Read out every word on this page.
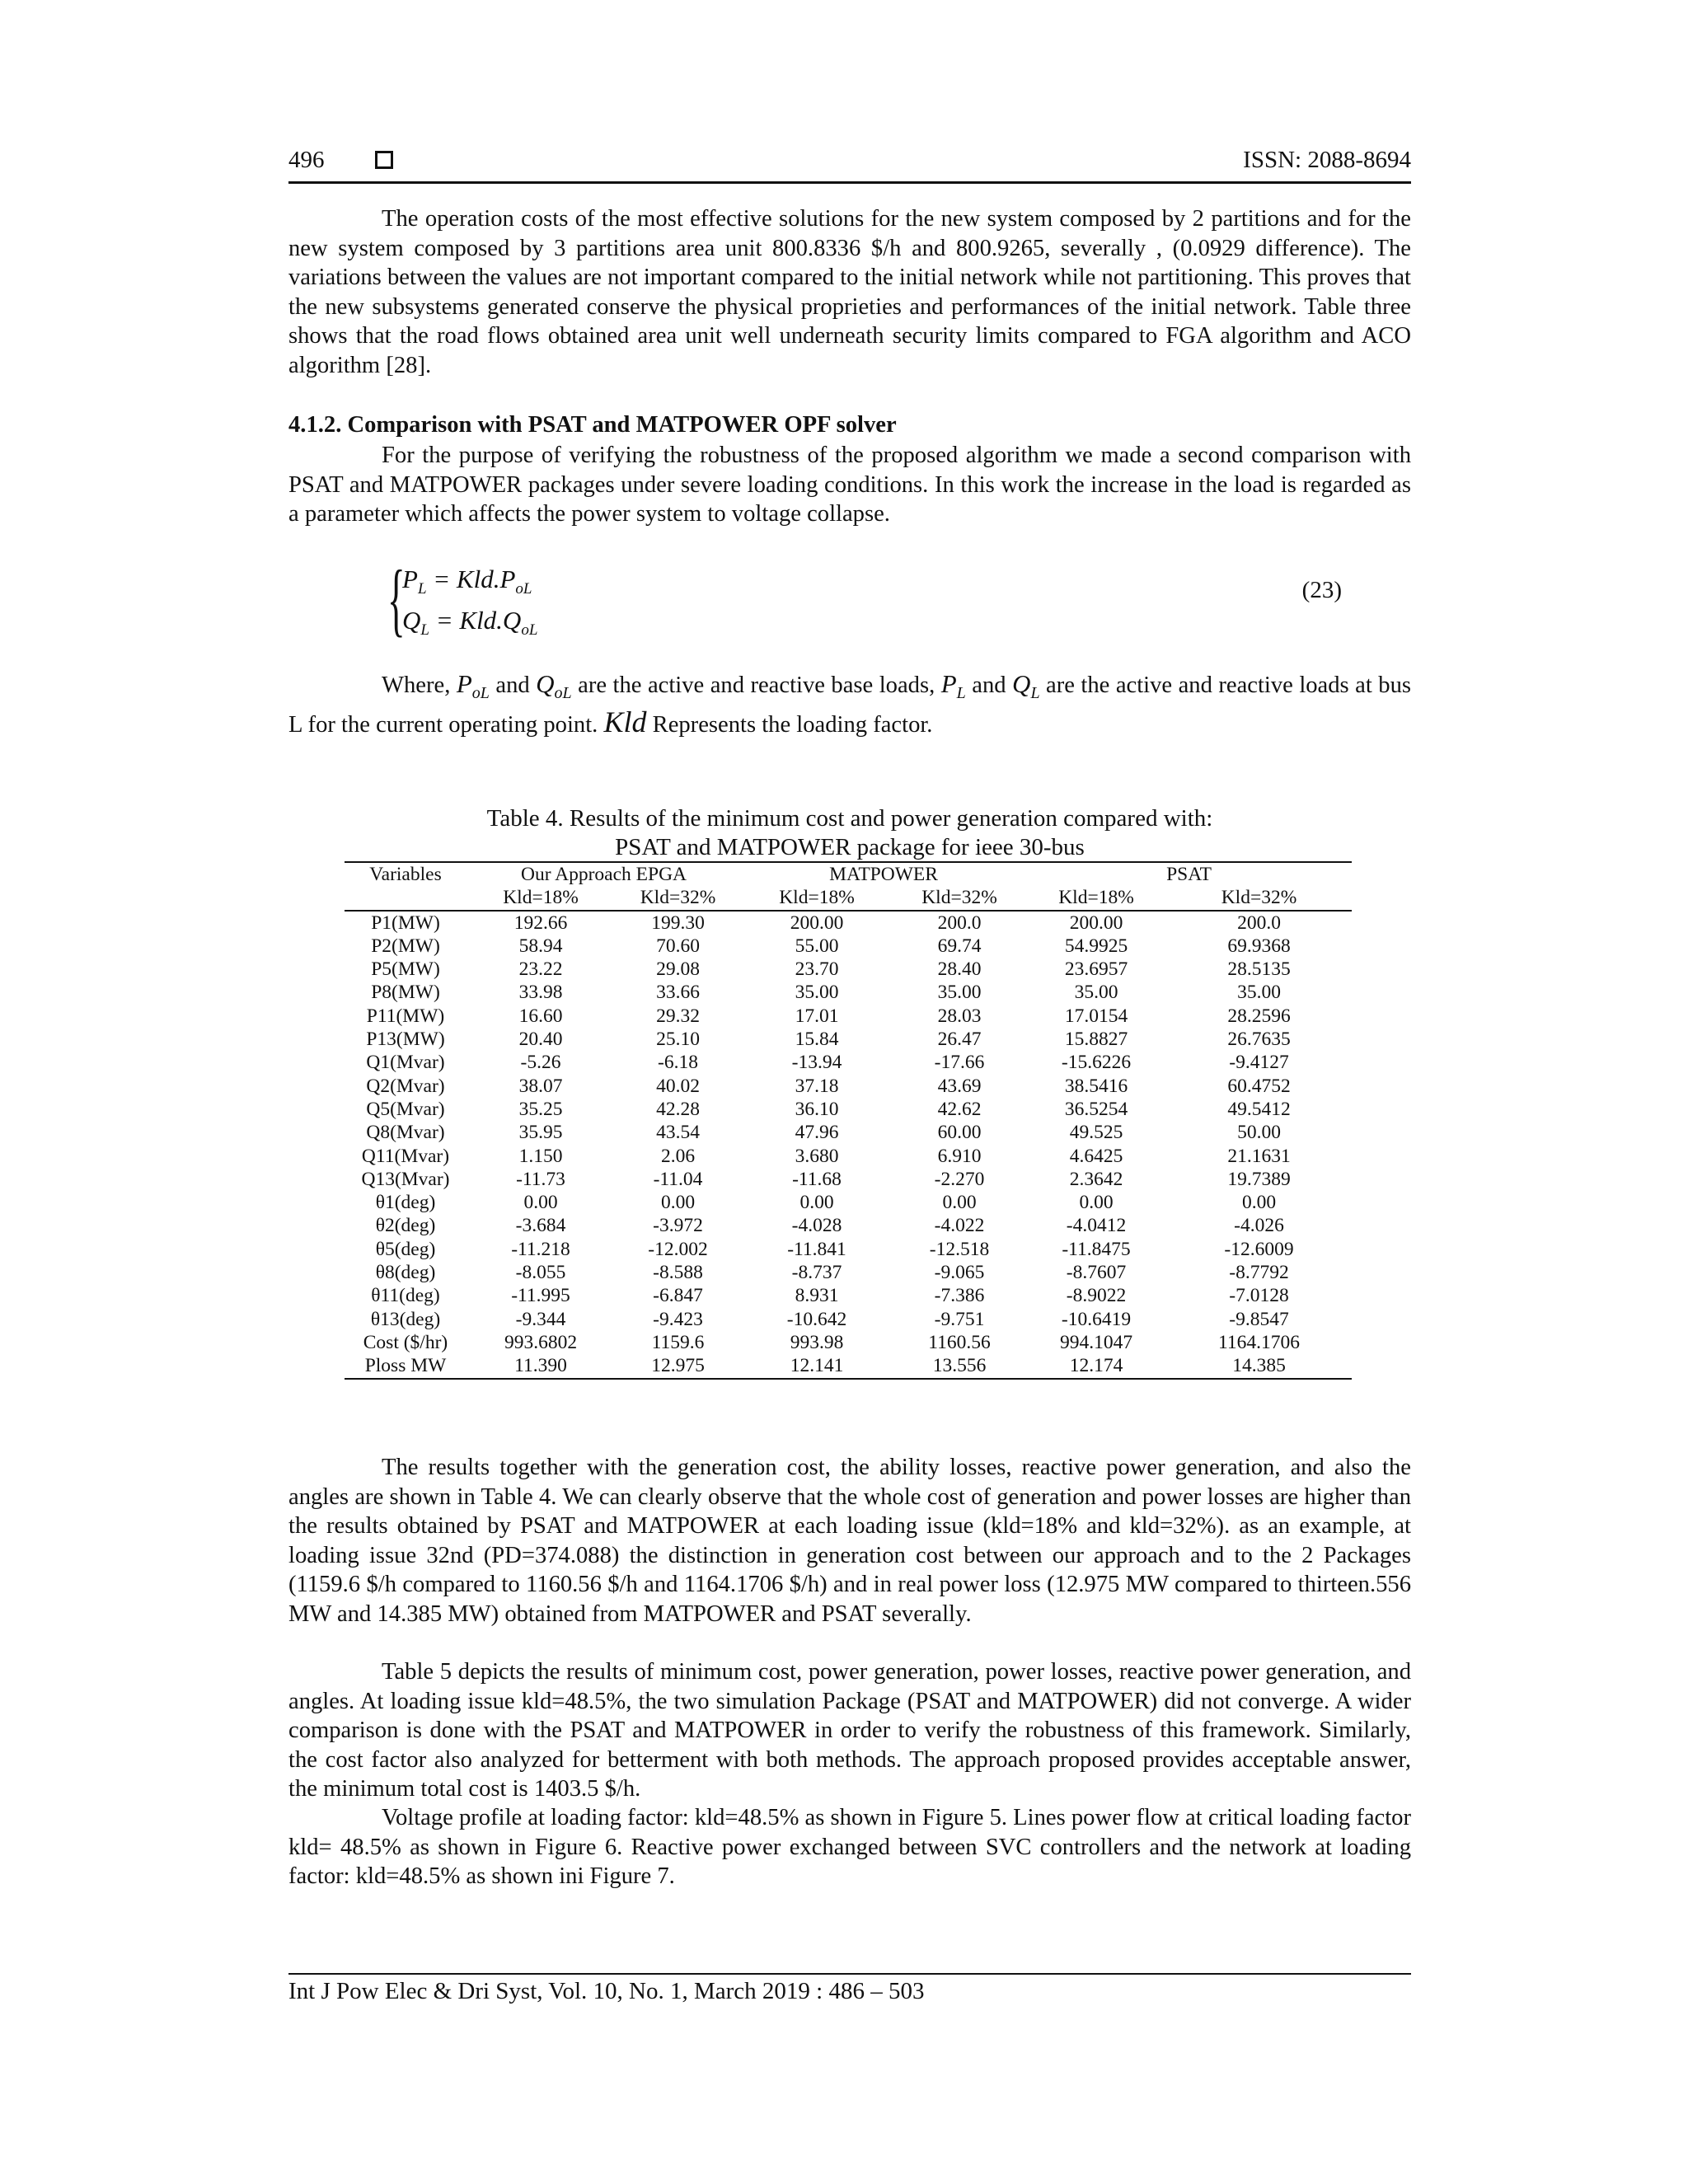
496	ISSN: 2088-8694

The operation costs of the most effective solutions for the new system composed by 2 partitions and for the new system composed by 3 partitions area unit 800.8336 $/h and 800.9265, severally , (0.0929 difference). The variations between the values are not important compared to the initial network while not partitioning. This proves that the new subsystems generated conserve the physical proprieties and performances of the initial network. Table three shows that the road flows obtained area unit well underneath security limits compared to FGA algorithm and ACO algorithm [28].

4.1.2. Comparison with PSAT and MATPOWER OPF solver

For the purpose of verifying the robustness of the proposed algorithm we made a second comparison with PSAT and MATPOWER packages under severe loading conditions. In this work the increase in the load is regarded as a parameter which affects the power system to voltage collapse.

{
$P_L = Kld.P_{oL}$
$Q_L = Kld.Q_{oL}$
(23)
Where, $P_{oL}$ and $Q_{oL}$ are the active and reactive base loads, $P_L$ and $Q_L$ are the active and reactive loads at bus L for the current operating point. Kld Represents the loading factor.
Table 4. Results of the minimum cost and power generation compared with:
PSAT and MATPOWER package for ieee 30-bus
Variables	Our Approach EPGA		MATPOWER		PSAT	
	Kld=18%	Kld=32%	Kld=18%	Kld=32%	Kld=18%	Kld=32%
P1(MW)	192.66	199.30	200.00	200.0	200.00	200.0
P2(MW)	58.94	70.60	55.00	69.74	54.9925	69.9368
P5(MW)	23.22	29.08	23.70	28.40	23.6957	28.5135
P8(MW)	33.98	33.66	35.00	35.00	35.00	35.00
P11(MW)	16.60	29.32	17.01	28.03	17.0154	28.2596
P13(MW)	20.40	25.10	15.84	26.47	15.8827	26.7635
Q1(Mvar)	-5.26	-6.18	-13.94	-17.66	-15.6226	-9.4127
Q2(Mvar)	38.07	40.02	37.18	43.69	38.5416	60.4752
Q5(Mvar)	35.25	42.28	36.10	42.62	36.5254	49.5412
Q8(Mvar)	35.95	43.54	47.96	60.00	49.525	50.00
Q11(Mvar)	1.150	2.06	3.680	6.910	4.6425	21.1631
Q13(Mvar)	-11.73	-11.04	-11.68	-2.270	2.3642	19.7389
θ1(deg)	0.00	0.00	0.00	0.00	0.00	0.00
θ2(deg)	-3.684	-3.972	-4.028	-4.022	-4.0412	-4.026
θ5(deg)	-11.218	-12.002	-11.841	-12.518	-11.8475	-12.6009
θ8(deg)	-8.055	-8.588	-8.737	-9.065	-8.7607	-8.7792
θ11(deg)	-11.995	-6.847	8.931	-7.386	-8.9022	-7.0128
θ13(deg)	-9.344	-9.423	-10.642	-9.751	-10.6419	-9.8547
Cost ($/hr)	993.6802	1159.6	993.98	1160.56	994.1047	1164.1706
Ploss MW	11.390	12.975	12.141	13.556	12.174	14.385

The results together with the generation cost, the ability losses, reactive power generation, and also the angles are shown in Table 4. We can clearly observe that the whole cost of generation and power losses are higher than the results obtained by PSAT and MATPOWER at each loading issue (kld=18% and kld=32%). as an example, at loading issue 32nd (PD=374.088) the distinction in generation cost between our approach and to the 2 Packages (1159.6 $/h compared to 1160.56 $/h and 1164.1706 $/h) and in real power loss (12.975 MW compared to thirteen.556 MW and 14.385 MW) obtained from MATPOWER and PSAT severally.

Table 5 depicts the results of minimum cost, power generation, power losses, reactive power generation, and angles. At loading issue kld=48.5%, the two simulation Package (PSAT and MATPOWER) did not converge. A wider comparison is done with the PSAT and MATPOWER in order to verify the robustness of this framework. Similarly, the cost factor also analyzed for betterment with both methods. The approach proposed provides acceptable answer, the minimum total cost is 1403.5 $/h.

Voltage profile at loading factor: kld=48.5% as shown in Figure 5. Lines power flow at critical loading factor kld= 48.5% as shown in Figure 6. Reactive power exchanged between SVC controllers and the network at loading factor: kld=48.5% as shown ini Figure 7.

Int J Pow Elec & Dri Syst, Vol. 10, No. 1, March 2019 : 486 – 503
